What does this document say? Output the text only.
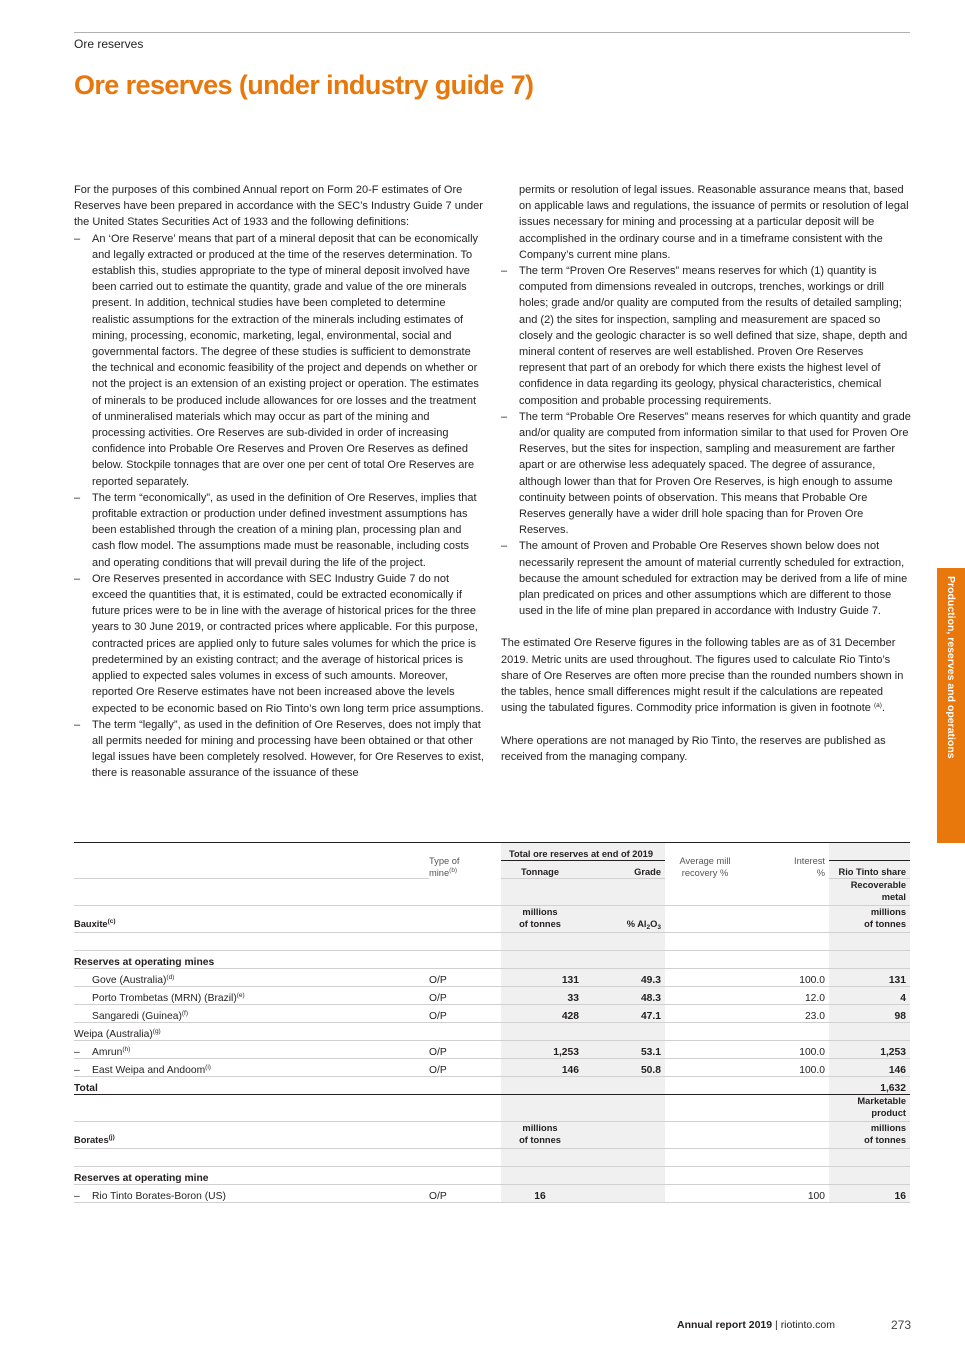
Ore reserves
Ore reserves (under industry guide 7)
Production, reserves and operations

For the purposes of this combined Annual report on Form 20-F estimates of Ore Reserves have been prepared in accordance with the SEC’s Industry Guide 7 under the United States Securities Act of 1933 and the following definitions:

– An ‘Ore Reserve’ means that part of a mineral deposit that can be economically and legally extracted or produced at the time of the reserves determination. To establish this, studies appropriate to the type of mineral deposit involved have been carried out to estimate the quantity, grade and value of the ore minerals present. In addition, technical studies have been completed to determine realistic assumptions for the extraction of the minerals including estimates of mining, processing, economic, marketing, legal, environmental, social and governmental factors. The degree of these studies is sufficient to demonstrate the technical and economic feasibility of the project and depends on whether or not the project is an extension of an existing project or operation. The estimates of minerals to be produced include allowances for ore losses and the treatment of unmineralised materials which may occur as part of the mining and processing activities. Ore Reserves are sub-divided in order of increasing confidence into Probable Ore Reserves and Proven Ore Reserves as defined below. Stockpile tonnages that are over one per cent of total Ore Reserves are reported separately.
– The term “economically”, as used in the definition of Ore Reserves, implies that profitable extraction or production under defined investment assumptions has been established through the creation of a mining plan, processing plan and cash flow model. The assumptions made must be reasonable, including costs and operating conditions that will prevail during the life of the project.
– Ore Reserves presented in accordance with SEC Industry Guide 7 do not exceed the quantities that, it is estimated, could be extracted economically if future prices were to be in line with the average of historical prices for the three years to 30 June 2019, or contracted prices where applicable. For this purpose, contracted prices are applied only to future sales volumes for which the price is predetermined by an existing contract; and the average of historical prices is applied to expected sales volumes in excess of such amounts. Moreover, reported Ore Reserve estimates have not been increased above the levels expected to be economic based on Rio Tinto’s own long term price assumptions.
– The term “legally”, as used in the definition of Ore Reserves, does not imply that all permits needed for mining and processing have been obtained or that other legal issues have been completely resolved. However, for Ore Reserves to exist, there is reasonable assurance of the issuance of these
permits or resolution of legal issues. Reasonable assurance means that, based on applicable laws and regulations, the issuance of permits or resolution of legal issues necessary for mining and processing at a particular deposit will be accomplished in the ordinary course and in a timeframe consistent with the Company’s current mine plans.
– The term “Proven Ore Reserves” means reserves for which (1) quantity is computed from dimensions revealed in outcrops, trenches, workings or drill holes; grade and/or quality are computed from the results of detailed sampling; and (2) the sites for inspection, sampling and measurement are spaced so closely and the geologic character is so well defined that size, shape, depth and mineral content of reserves are well established. Proven Ore Reserves represent that part of an orebody for which there exists the highest level of confidence in data regarding its geology, physical characteristics, chemical composition and probable processing requirements.
– The term “Probable Ore Reserves” means reserves for which quantity and grade and/or quality are computed from information similar to that used for Proven Ore Reserves, but the sites for inspection, sampling and measurement are farther apart or are otherwise less adequately spaced. The degree of assurance, although lower than that for Proven Ore Reserves, is high enough to assume continuity between points of observation. This means that Probable Ore Reserves generally have a wider drill hole spacing than for Proven Ore Reserves.
– The amount of Proven and Probable Ore Reserves shown below does not necessarily represent the amount of material currently scheduled for extraction, because the amount scheduled for extraction may be derived from a life of mine plan predicated on prices and other assumptions which are different to those used in the life of mine plan prepared in accordance with Industry Guide 7.

The estimated Ore Reserve figures in the following tables are as of 31 December 2019. Metric units are used throughout. The figures used to calculate Rio Tinto’s share of Ore Reserves are often more precise than the rounded numbers shown in the tables, hence small differences might result if the calculations are repeated using the tabulated figures. Commodity price information is given in footnote $^{(a)}$.

Where operations are not managed by Rio Tinto, the reserves are published as received from the managing company.

	Type of
mine$^{(b)}$	Total ore reserves at end of 2019		Average mill
recovery %	Interest
%	
		Tonnage	Grade			Rio Tinto share
						Recoverable
metal
Bauxite$^{(c)}$		millions
of tonnes	% $Al_2O_3$			millions
of tonnes

Reserves at operating mines						
Gove (Australia)$^{(d)}$	O/P	131	49.3		100.0	131
Porto Trombetas (MRN) (Brazil)$^{(e)}$	O/P	33	48.3		12.0	4
Sangaredi (Guinea)$^{(f)}$	O/P	428	47.1		23.0	98
Weipa (Australia)$^{(g)}$						
– Amrun$^{(h)}$	O/P	1,253	53.1		100.0	1,253
– East Weipa and Andoom$^{(i)}$	O/P	146	50.8		100.0	146
Total						1,632
						Marketable
product
Borates$^{(j)}$		millions
of tonnes				millions
of tonnes

Reserves at operating mine						
– Rio Tinto Borates-Boron (US)	O/P	16			100	16
Annual report 2019 | riotinto.com	273
